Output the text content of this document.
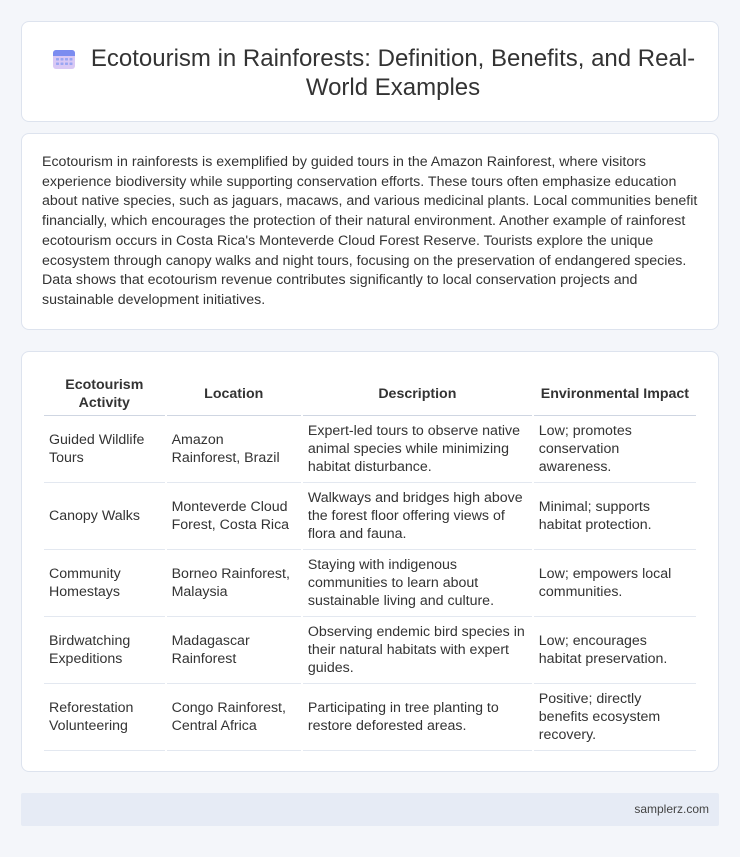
Ecotourism in Rainforests: Definition, Benefits, and Real-World Examples

Ecotourism in rainforests is exemplified by guided tours in the Amazon Rainforest, where visitors experience biodiversity while supporting conservation efforts. These tours often emphasize education about native species, such as jaguars, macaws, and various medicinal plants. Local communities benefit financially, which encourages the protection of their natural environment. Another example of rainforest ecotourism occurs in Costa Rica's Monteverde Cloud Forest Reserve. Tourists explore the unique ecosystem through canopy walks and night tours, focusing on the preservation of endangered species. Data shows that ecotourism revenue contributes significantly to local conservation projects and sustainable development initiatives.

Ecotourism Activity	Location	Description	Environmental Impact
Guided Wildlife Tours	Amazon Rainforest, Brazil	Expert-led tours to observe native animal species while minimizing habitat disturbance.	Low; promotes conservation awareness.
Canopy Walks	Monteverde Cloud Forest, Costa Rica	Walkways and bridges high above the forest floor offering views of flora and fauna.	Minimal; supports habitat protection.
Community Homestays	Borneo Rainforest, Malaysia	Staying with indigenous communities to learn about sustainable living and culture.	Low; empowers local communities.
Birdwatching Expeditions	Madagascar Rainforest	Observing endemic bird species in their natural habitats with expert guides.	Low; encourages habitat preservation.
Reforestation Volunteering	Congo Rainforest, Central Africa	Participating in tree planting to restore deforested areas.	Positive; directly benefits ecosystem recovery.
samplerz.com
